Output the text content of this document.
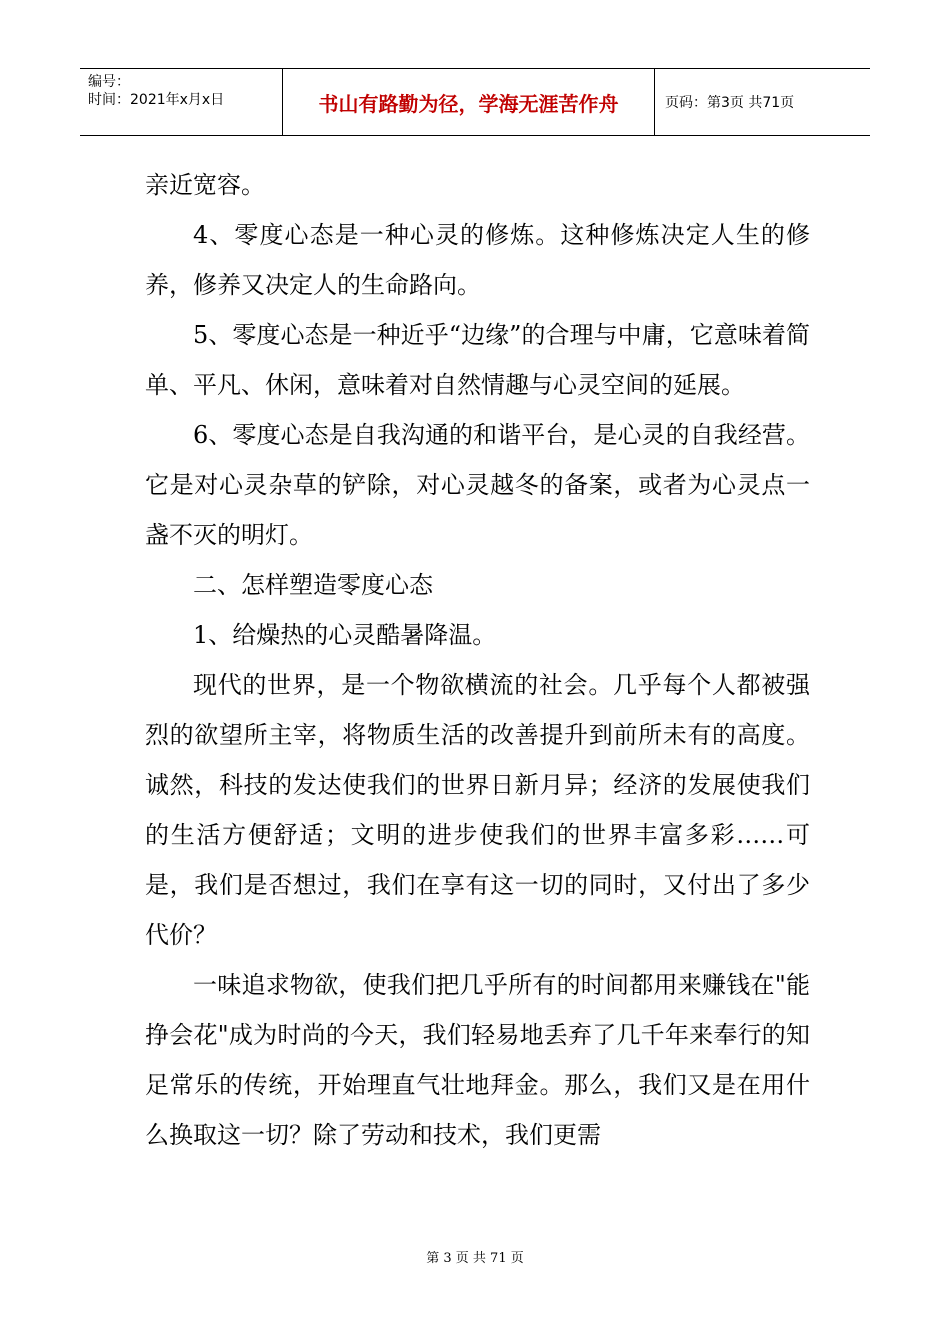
编号：
时间：2021年x月x日	书山有路勤为径，学海无涯苦作舟	页码：第3页 共71页

亲近宽容。

4、零度心态是一种心灵的修炼。这种修炼决定人生的修养，修养又决定人的生命路向。

5、零度心态是一种近乎“边缘”的合理与中庸，它意味着简单、平凡、休闲，意味着对自然情趣与心灵空间的延展。

6、零度心态是自我沟通的和谐平台，是心灵的自我经营。它是对心灵杂草的铲除，对心灵越冬的备案，或者为心灵点一盏不灭的明灯。

二、怎样塑造零度心态

1、给燥热的心灵酷暑降温。

现代的世界，是一个物欲横流的社会。几乎每个人都被强烈的欲望所主宰，将物质生活的改善提升到前所未有的高度。诚然，科技的发达使我们的世界日新月异；经济的发展使我们的生活方便舒适；文明的进步使我们的世界丰富多彩……可是，我们是否想过，我们在享有这一切的同时，又付出了多少代价？

一味追求物欲，使我们把几乎所有的时间都用来赚钱在"能挣会花"成为时尚的今天，我们轻易地丢弃了几千年来奉行的知足常乐的传统，开始理直气壮地拜金。那么，我们又是在用什么换取这一切？除了劳动和技术，我们更需

第 3 页 共 71 页
